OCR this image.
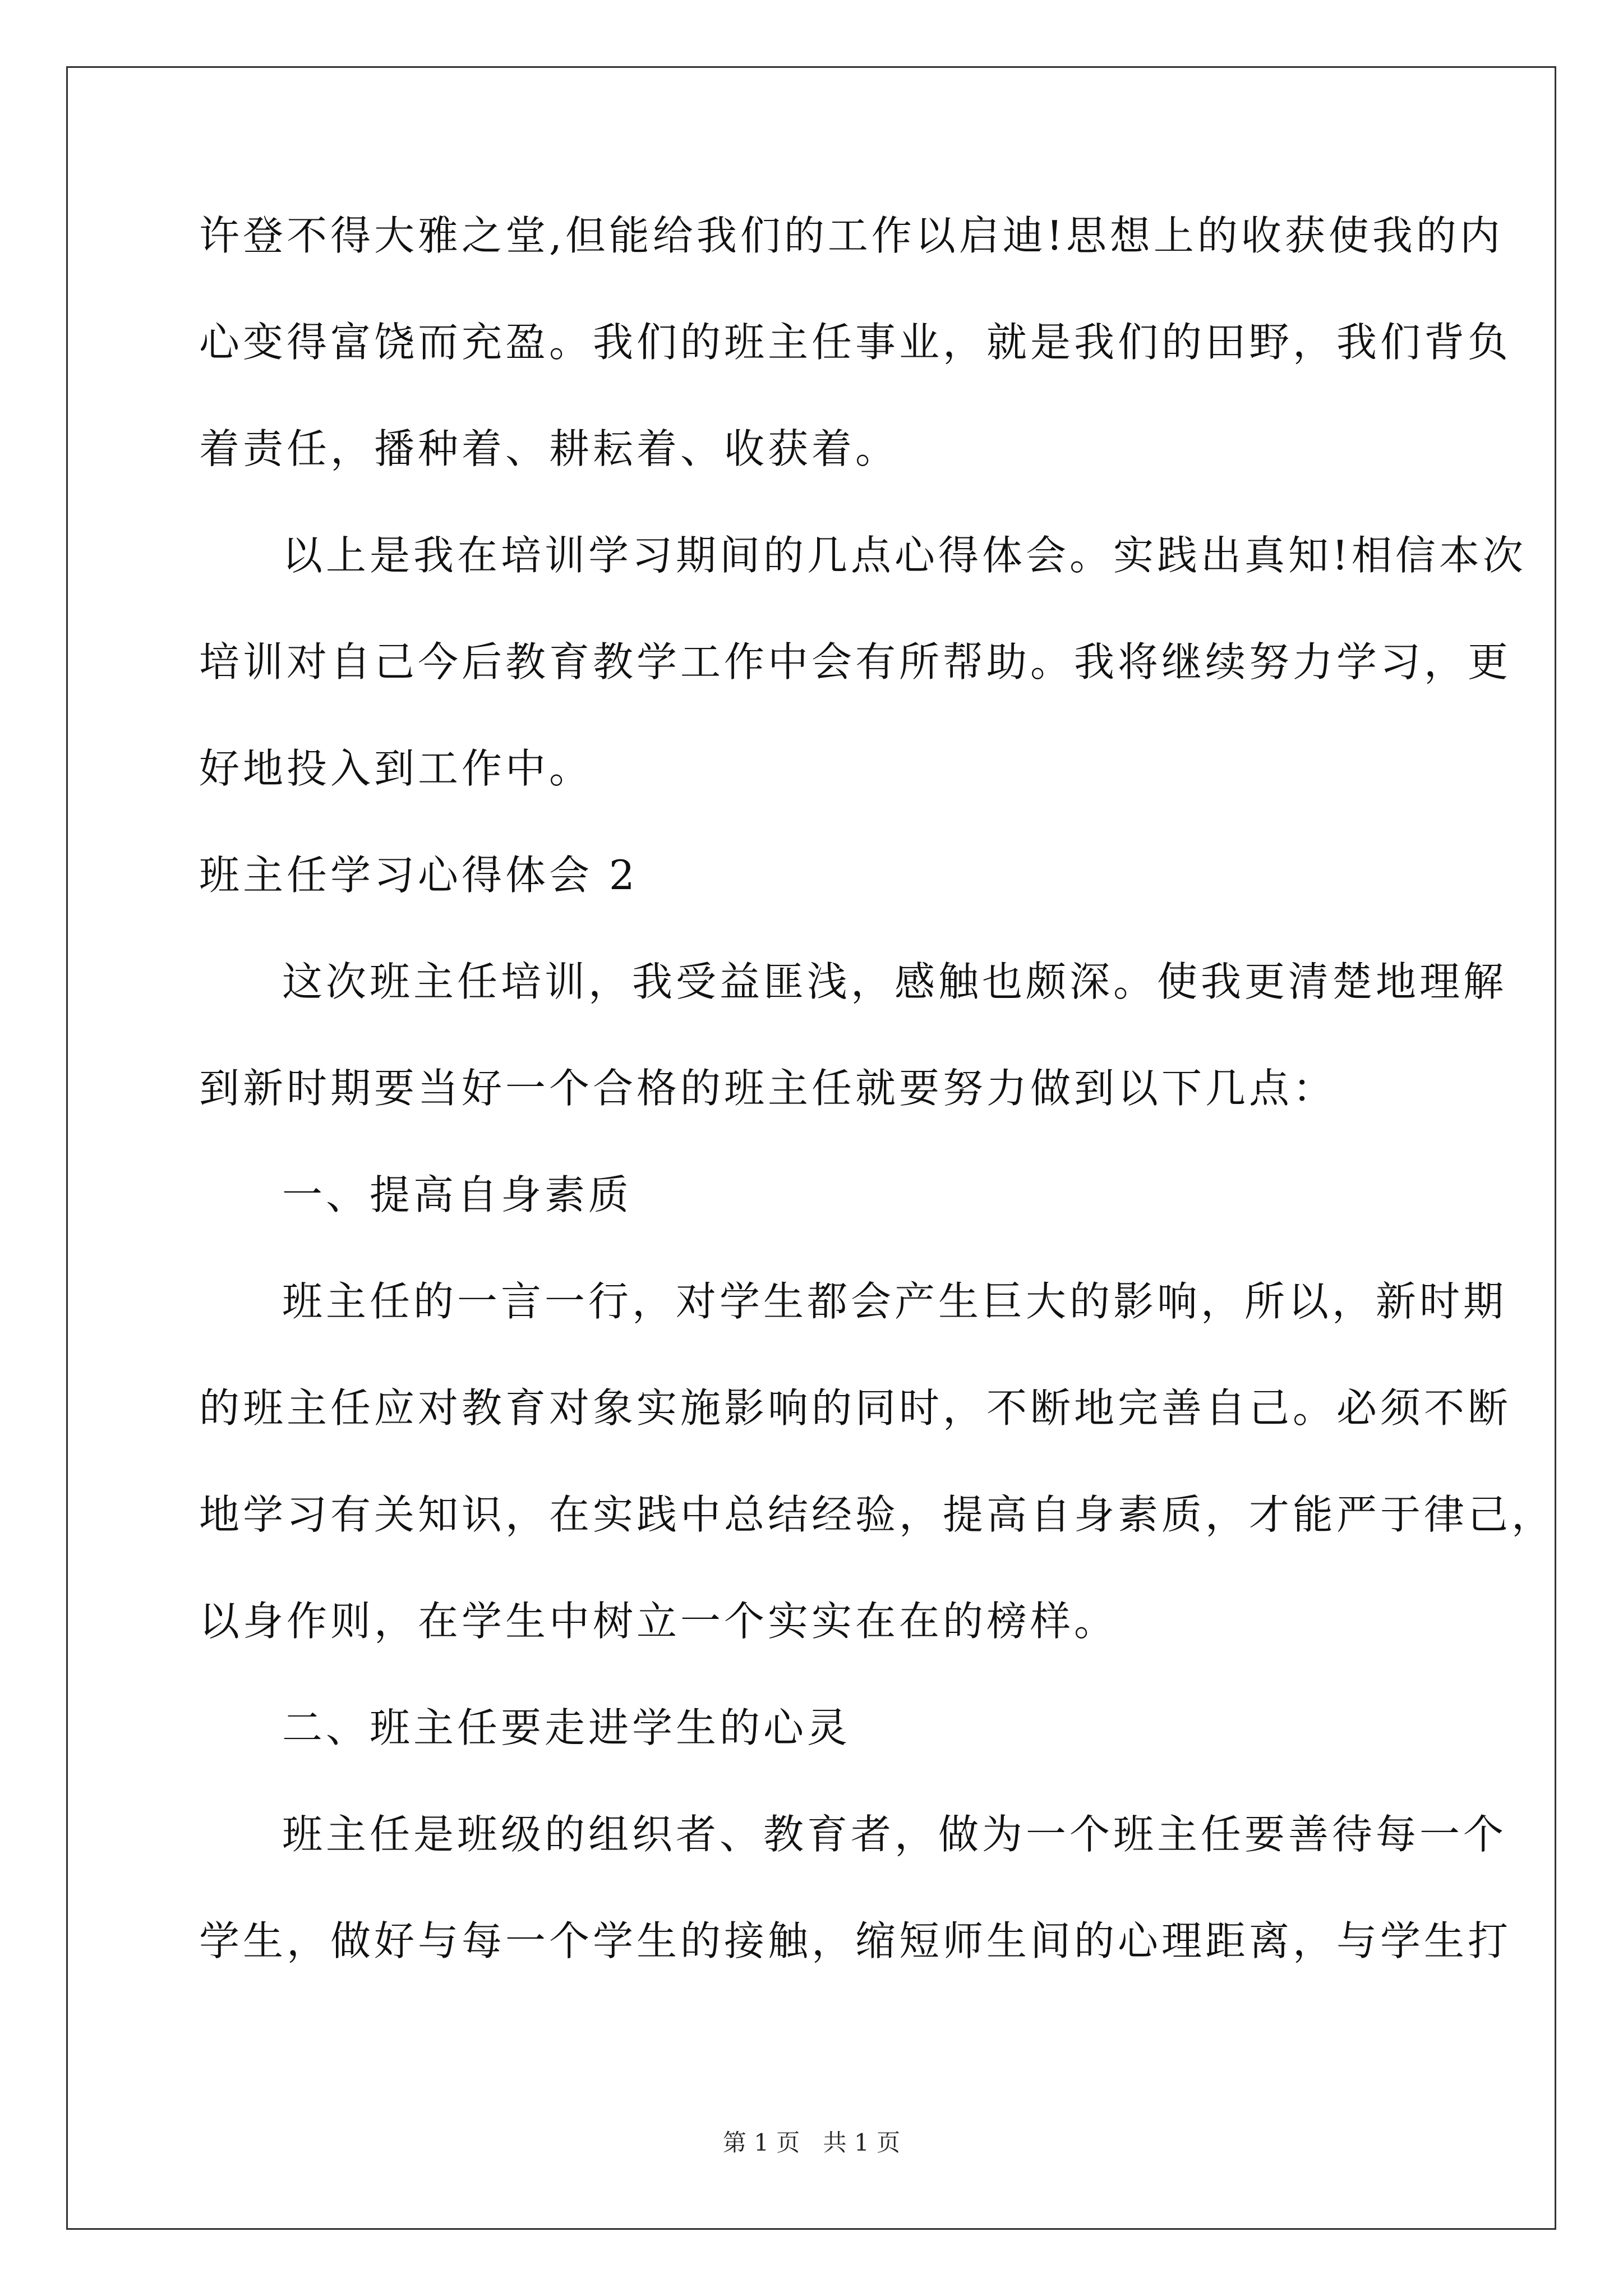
许登不得大雅之堂,但能给我们的工作以启迪!思想上的收获使我的内
心变得富饶而充盈。我们的班主任事业，就是我们的田野，我们背负
着责任，播种着、耕耘着、收获着。
以上是我在培训学习期间的几点心得体会。实践出真知!相信本次
培训对自己今后教育教学工作中会有所帮助。我将继续努力学习，更
好地投入到工作中。
班主任学习心得体会 2
这次班主任培训，我受益匪浅，感触也颇深。使我更清楚地理解
到新时期要当好一个合格的班主任就要努力做到以下几点：
一、提高自身素质
班主任的一言一行，对学生都会产生巨大的影响，所以，新时期
的班主任应对教育对象实施影响的同时，不断地完善自己。必须不断
地学习有关知识，在实践中总结经验，提高自身素质，才能严于律己，
以身作则，在学生中树立一个实实在在的榜样。
二、班主任要走进学生的心灵
班主任是班级的组织者、教育者，做为一个班主任要善待每一个
学生，做好与每一个学生的接触，缩短师生间的心理距离，与学生打
第 1 页 共 1 页
